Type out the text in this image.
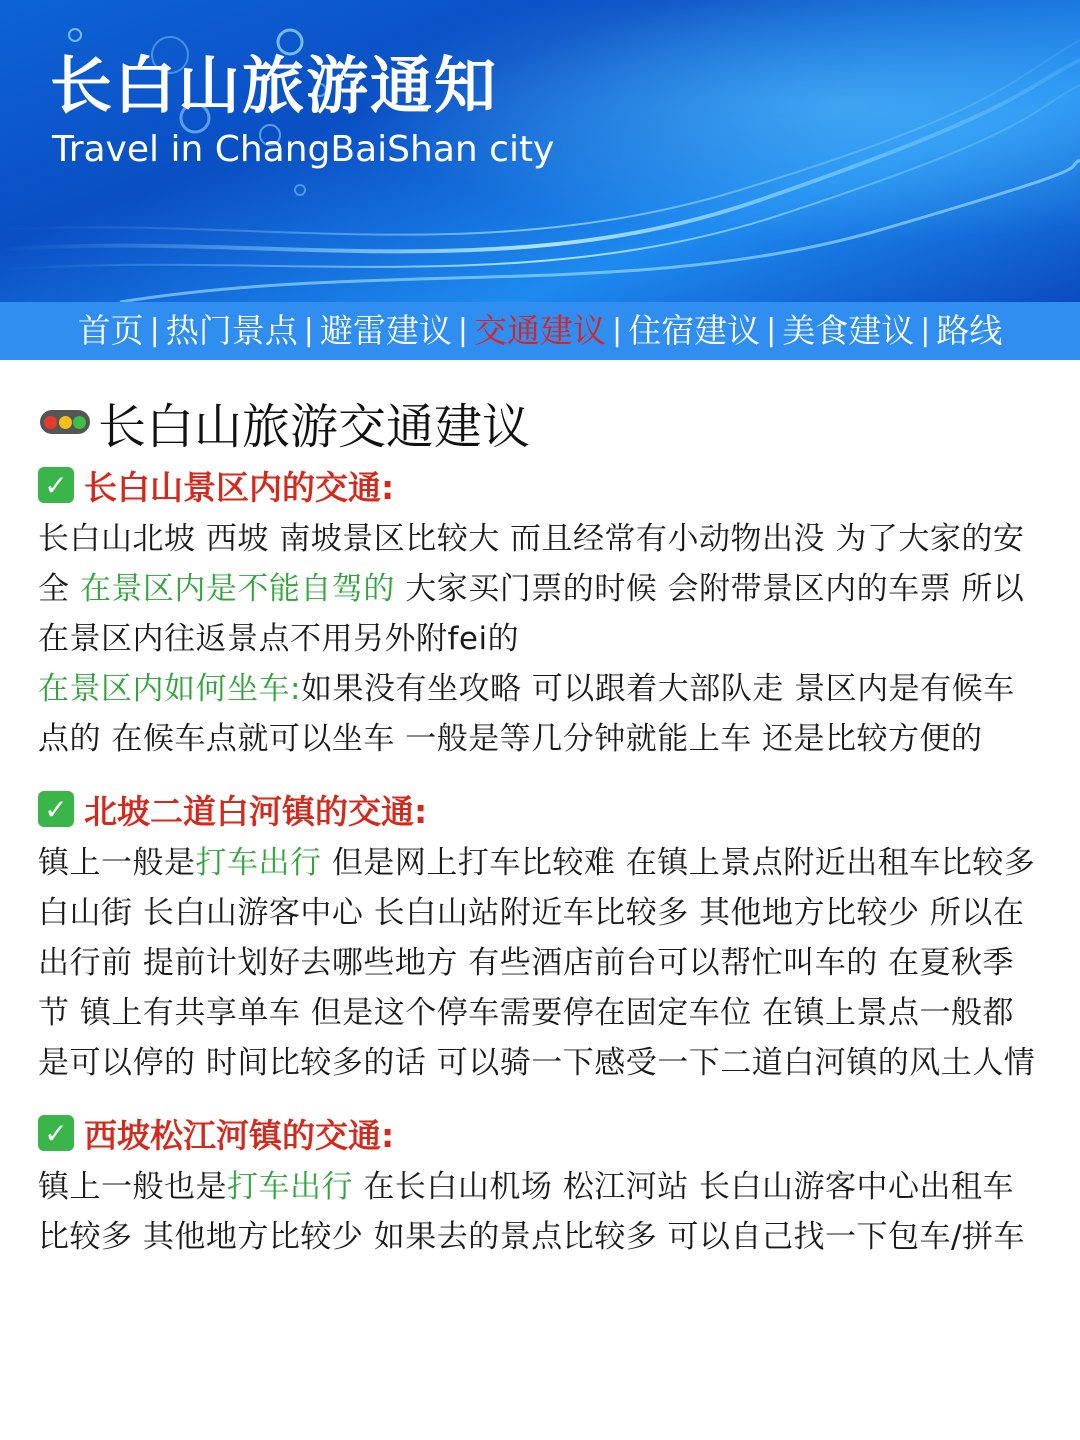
长白山旅游通知
Travel in ChangBaiShan city
首页 | 热门景点 | 避雷建议 | 交通建议 | 住宿建议 | 美食建议 | 路线
长白山旅游交通建议
✓ 长白山景区内的交通:

长白山北坡 西坡 南坡景区比较大 而且经常有小动物出没 为了大家的安全 在景区内是不能自驾的 大家买门票的时候 会附带景区内的车票 所以在景区内往返景点不用另外附fei的

在景区内如何坐车:如果没有坐攻略 可以跟着大部队走 景区内是有候车点的 在候车点就可以坐车 一般是等几分钟就能上车 还是比较方便的

✓ 北坡二道白河镇的交通:

镇上一般是打车出行 但是网上打车比较难 在镇上景点附近出租车比较多 白山街 长白山游客中心 长白山站附近车比较多 其他地方比较少 所以在出行前 提前计划好去哪些地方 有些酒店前台可以帮忙叫车的 在夏秋季节 镇上有共享单车 但是这个停车需要停在固定车位 在镇上景点一般都是可以停的 时间比较多的话 可以骑一下感受一下二道白河镇的风土人情

✓ 西坡松江河镇的交通:

镇上一般也是打车出行 在长白山机场 松江河站 长白山游客中心出租车比较多 其他地方比较少 如果去的景点比较多 可以自己找一下包车/拼车
